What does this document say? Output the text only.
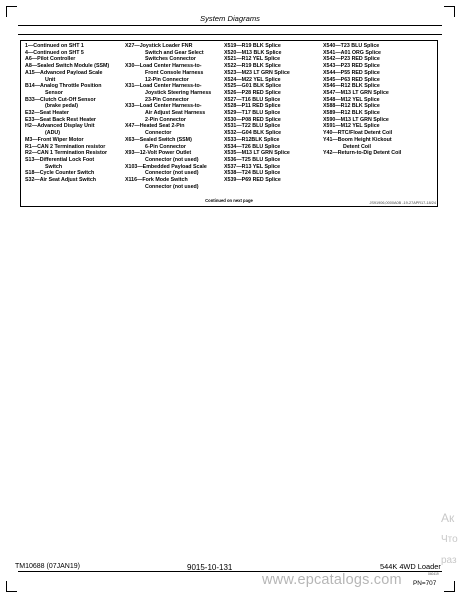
System Diagrams
1— Continued on SHT 1
4— Continued on SHT 5
A6— Pilot Controller
A8— Sealed Switch Module (SSM)
A15— Advanced Payload Scale
Unit
B14— Analog Throttle Position
Sensor
B33— Clutch Cut-Off Sensor
(brake pedal)
E32— Seat Heater
E33— Seat Back Rest Heater
H2— Advanced Display Unit
(ADU)
M3— Front Wiper Motor
R1— CAN 2 Termination resistor
R2— CAN 1 Termination Resistor
S13— Differential Lock Foot
Switch
S18— Cycle Counter Switch
S32— Air Seat Adjust Switch
X27— Joystick Loader FNR
Switch and Gear Select
Switches Connector
X30— Load Center Harness-to-
Front Console Harness
12-Pin Connector
X31— Load Center Harness-to-
Joystick Steering Harness
23-Pin Connector
X33— Load Center Harness-to-
Air Adjust Seat Harness
2-Pin Connector
X47— Heated Seat 2-Pin
Connector
X63— Sealed Switch (SSM)
6-Pin Connector
X93— 12-Volt Power Outlet
Connector (not used)
X103— Embedded Payload Scale
Connector (not used)
X116— Fork Mode Switch
Connector (not used)
X519— R19 BLK Splice
X520— M13 BLK Splice
X521— R12 YEL Splice
X522— R19 BLK Splice
X523— M23 LT GRN Splice
X524— M22 YEL Splice
X525— G01 BLK Splice
X526— P28 RED Splice
X527— T16 BLU Splice
X528— P11 RED Splice
X529— T17 BLU Splice
X530— P08 RED Splice
X531— T22 BLU Splice
X532— G04 BLK Splice
X533— R12BLK Splice
X534— T26 BLU Splice
X535— M13 LT GRN Splice
X536— T25 BLU Splice
X537— R13 YEL Splice
X538— T24 BLU Splice
X539— P69 RED Splice
X540— T23 BLU Splice
X541— A01 ORG Splice
X542— P23 RED Splice
X543— P23 RED Splice
X544— P55 RED Splice
X545— P63 RED Splice
X546— R12 BLK Splice
X547— M13 LT GRN Splice
X548— M12 YEL Splice
X588— R12 BLK Splice
X589— R12 BLK Splice
X590— M13 LT GRN Splice
X591— M12 YEL Splice
Y40— RTC/Float Detent Coil
Y41— Boom Height Kickout
Detent Coil
Y42— Return-to-Dig Detent Coil
Continued on next page	JS91906,0000A0B -19-27APR17-18/24
Ак
Что
раз
TM10688 (07JAN19)	9015-10-131	544K 4WD Loader
040419
PN=707
www.epcatalogs.com
